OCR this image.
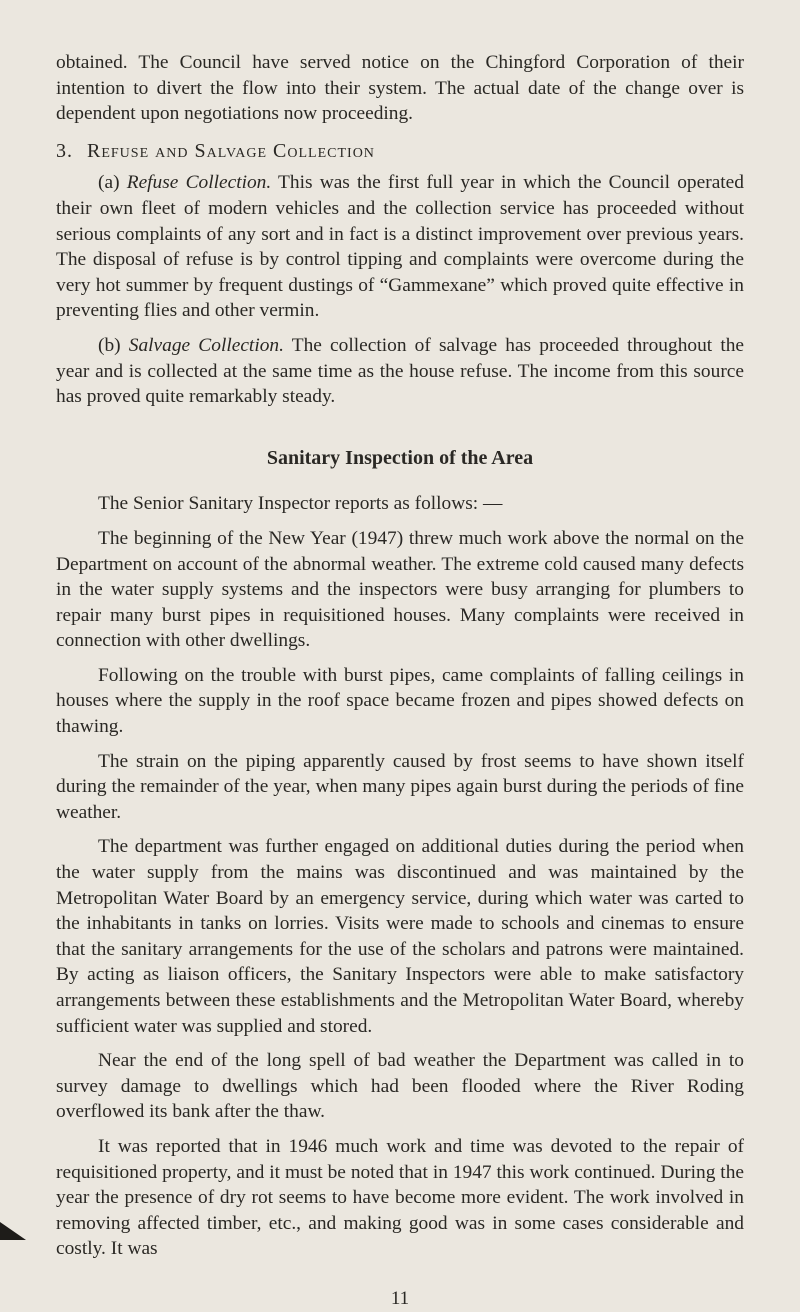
obtained. The Council have served notice on the Chingford Corporation of their intention to divert the flow into their system. The actual date of the change over is dependent upon negotiations now proceeding.

3. Refuse and Salvage Collection

(a) Refuse Collection. This was the first full year in which the Council operated their own fleet of modern vehicles and the collection service has proceeded without serious complaints of any sort and in fact is a distinct improvement over previous years. The disposal of refuse is by control tipping and complaints were overcome during the very hot summer by frequent dustings of “Gammexane” which proved quite effective in preventing flies and other vermin.

(b) Salvage Collection. The collection of salvage has proceeded throughout the year and is collected at the same time as the house refuse. The income from this source has proved quite remarkably steady.

Sanitary Inspection of the Area

The Senior Sanitary Inspector reports as follows: —

The beginning of the New Year (1947) threw much work above the normal on the Department on account of the abnormal weather. The extreme cold caused many defects in the water supply systems and the inspectors were busy arranging for plumbers to repair many burst pipes in requisitioned houses. Many complaints were received in connection with other dwellings.

Following on the trouble with burst pipes, came complaints of falling ceilings in houses where the supply in the roof space became frozen and pipes showed defects on thawing.

The strain on the piping apparently caused by frost seems to have shown itself during the remainder of the year, when many pipes again burst during the periods of fine weather.

The department was further engaged on additional duties during the period when the water supply from the mains was discontinued and was maintained by the Metropolitan Water Board by an emergency service, during which water was carted to the inhabitants in tanks on lorries. Visits were made to schools and cinemas to ensure that the sanitary arrangements for the use of the scholars and patrons were maintained. By acting as liaison officers, the Sanitary Inspectors were able to make satisfactory arrangements between these establishments and the Metropolitan Water Board, whereby sufficient water was supplied and stored.

Near the end of the long spell of bad weather the Department was called in to survey damage to dwellings which had been flooded where the River Roding overflowed its bank after the thaw.

It was reported that in 1946 much work and time was devoted to the repair of requisitioned property, and it must be noted that in 1947 this work continued. During the year the presence of dry rot seems to have become more evident. The work involved in removing affected timber, etc., and making good was in some cases considerable and costly. It was

11
